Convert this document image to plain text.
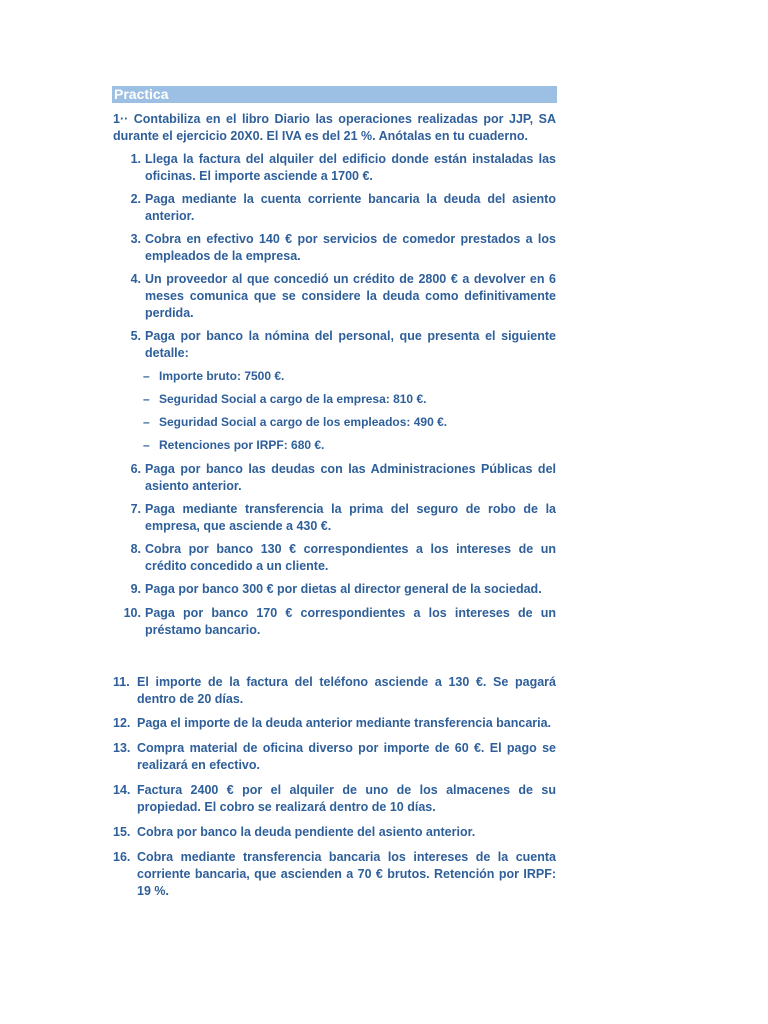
Practica
1·· Contabiliza en el libro Diario las operaciones realizadas por JJP, SA durante el ejercicio 20X0. El IVA es del 21 %. Anótalas en tu cuaderno.
1. Llega la factura del alquiler del edificio donde están instaladas las oficinas. El importe asciende a 1700 €.
2. Paga mediante la cuenta corriente bancaria la deuda del asiento anterior.
3. Cobra en efectivo 140 € por servicios de comedor prestados a los empleados de la empresa.
4. Un proveedor al que concedió un crédito de 2800 € a devolver en 6 meses comunica que se considere la deuda como definitivamente perdida.
5. Paga por banco la nómina del personal, que presenta el siguiente detalle:
– Importe bruto: 7500 €.
– Seguridad Social a cargo de la empresa: 810 €.
– Seguridad Social a cargo de los empleados: 490 €.
– Retenciones por IRPF: 680 €.
6. Paga por banco las deudas con las Administraciones Públicas del asiento anterior.
7. Paga mediante transferencia la prima del seguro de robo de la empresa, que asciende a 430 €.
8. Cobra por banco 130 € correspondientes a los intereses de un crédito concedido a un cliente.
9. Paga por banco 300 € por dietas al director general de la sociedad.
10. Paga por banco 170 € correspondientes a los intereses de un préstamo bancario.
11. El importe de la factura del teléfono asciende a 130 €. Se pagará dentro de 20 días.
12. Paga el importe de la deuda anterior mediante transferencia bancaria.
13. Compra material de oficina diverso por importe de 60 €. El pago se realizará en efectivo.
14. Factura 2400 € por el alquiler de uno de los almacenes de su propiedad. El cobro se realizará dentro de 10 días.
15. Cobra por banco la deuda pendiente del asiento anterior.
16. Cobra mediante transferencia bancaria los intereses de la cuenta corriente bancaria, que ascienden a 70 € brutos. Retención por IRPF: 19 %.
